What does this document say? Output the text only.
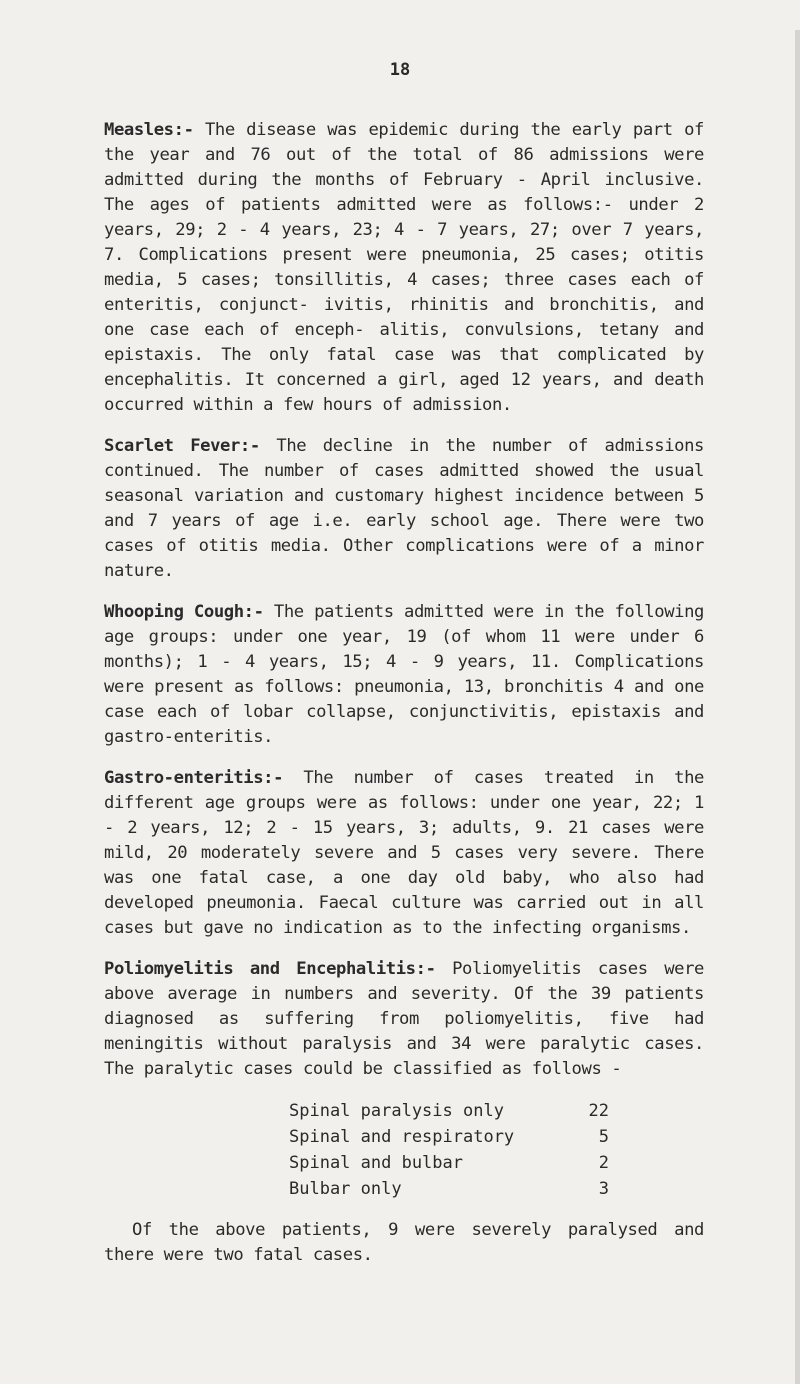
18

Measles:- The disease was epidemic during the early part of the year and 76 out of the total of 86 admissions were admitted during the months of February - April inclusive. The ages of patients admitted were as follows:- under 2 years, 29; 2 - 4 years, 23; 4 - 7 years, 27; over 7 years, 7. Complications present were pneumonia, 25 cases; otitis media, 5 cases; tonsillitis, 4 cases; three cases each of enteritis, conjunct- ivitis, rhinitis and bronchitis, and one case each of enceph- alitis, convulsions, tetany and epistaxis. The only fatal case was that complicated by encephalitis. It concerned a girl, aged 12 years, and death occurred within a few hours of admission.

Scarlet Fever:- The decline in the number of admissions continued. The number of cases admitted showed the usual seasonal variation and customary highest incidence between 5 and 7 years of age i.e. early school age. There were two cases of otitis media. Other complications were of a minor nature.

Whooping Cough:- The patients admitted were in the following age groups: under one year, 19 (of whom 11 were under 6 months); 1 - 4 years, 15; 4 - 9 years, 11. Complications were present as follows: pneumonia, 13, bronchitis 4 and one case each of lobar collapse, conjunctivitis, epistaxis and gastro-enteritis.

Gastro-enteritis:- The number of cases treated in the different age groups were as follows: under one year, 22; 1 - 2 years, 12; 2 - 15 years, 3; adults, 9. 21 cases were mild, 20 moderately severe and 5 cases very severe. There was one fatal case, a one day old baby, who also had developed pneumonia. Faecal culture was carried out in all cases but gave no indication as to the infecting organisms.

Poliomyelitis and Encephalitis:- Poliomyelitis cases were above average in numbers and severity. Of the 39 patients diagnosed as suffering from poliomyelitis, five had meningitis without paralysis and 34 were paralytic cases. The paralytic cases could be classified as follows -

Spinal paralysis only	22
Spinal and respiratory	5
Spinal and bulbar	2
Bulbar only	3

Of the above patients, 9 were severely paralysed and there were two fatal cases.
